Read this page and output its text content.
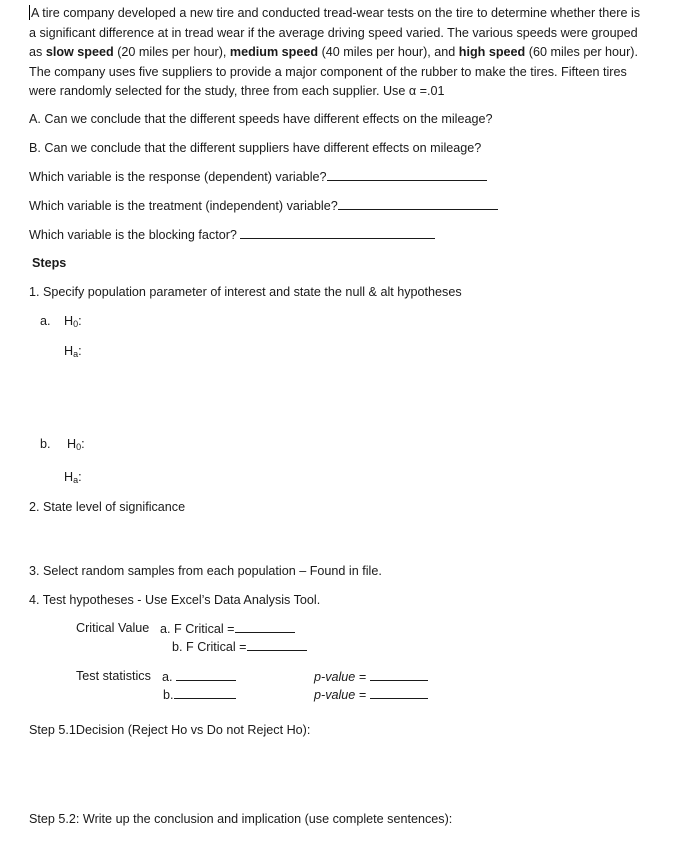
A tire company developed a new tire and conducted tread-wear tests on the tire to determine whether there is a significant difference at in tread wear if the average driving speed varied. The various speeds were grouped as slow speed (20 miles per hour), medium speed (40 miles per hour), and high speed (60 miles per hour). The company uses five suppliers to provide a major component of the rubber to make the tires. Fifteen tires were randomly selected for the study, three from each supplier. Use α =.01
A. Can we conclude that the different speeds have different effects on the mileage?
B. Can we conclude that the different suppliers have different effects on mileage?
Which variable is the response (dependent) variable?
Which variable is the treatment (independent) variable?
Which variable is the blocking factor?
Steps
1. Specify population parameter of interest and state the null & alt hypotheses
a. $H_0$:
$H_a$:
b. $H_0$:
$H_a$:
2. State level of significance
3. Select random samples from each population – Found in file.
4. Test hypotheses - Use Excel’s Data Analysis Tool.
Critical Value a. F Critical =
b. F Critical =
Test statistics a.
b.
p-value =
p-value =
Step 5.1Decision (Reject Ho vs Do not Reject Ho):
Step 5.2: Write up the conclusion and implication (use complete sentences):
